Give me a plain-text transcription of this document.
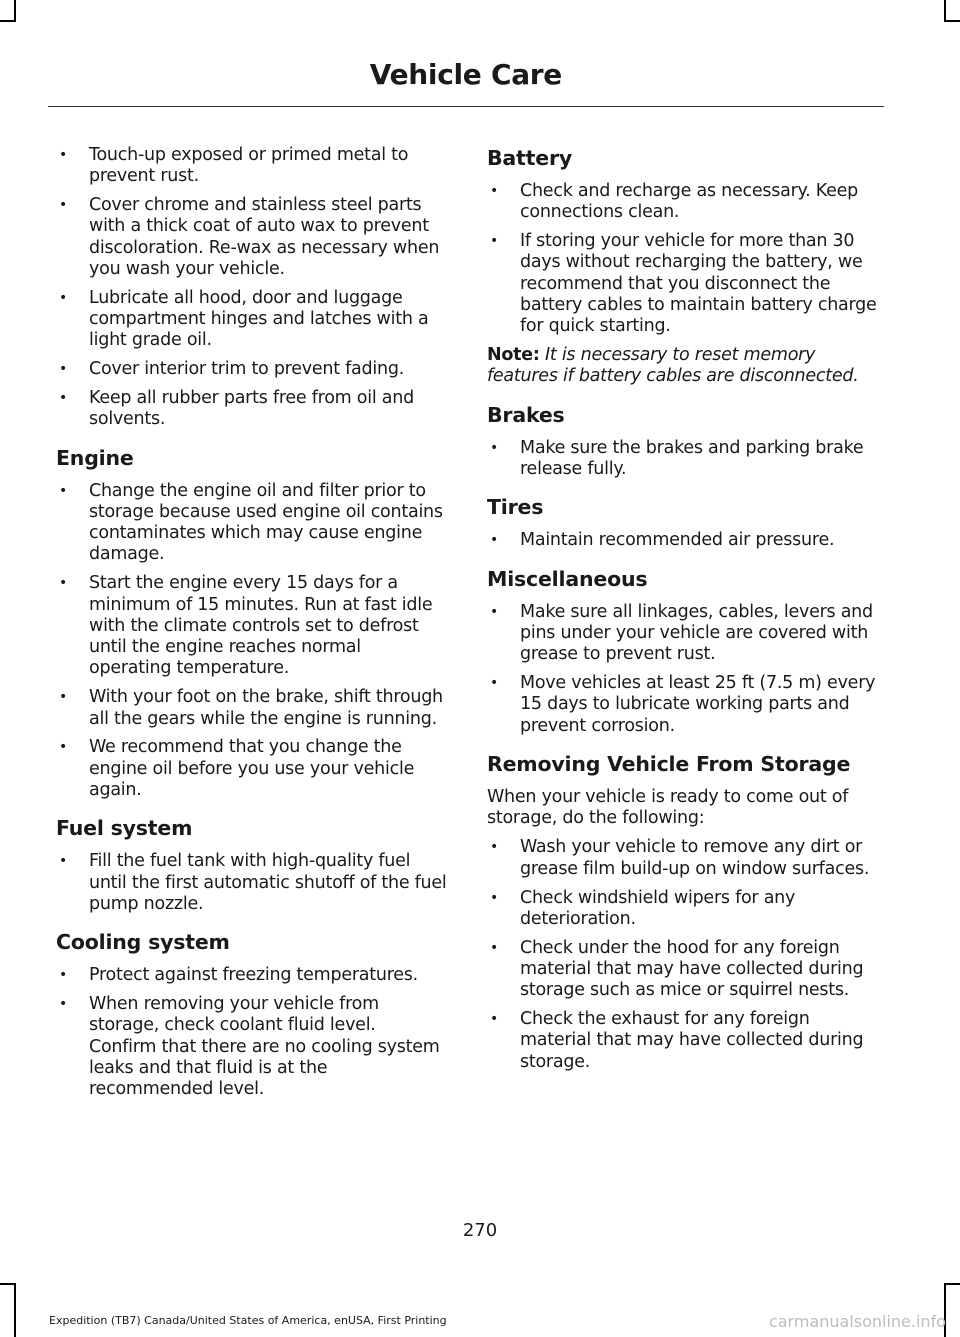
Vehicle Care
• Touch-up exposed or primed metal to prevent rust.
• Cover chrome and stainless steel parts with a thick coat of auto wax to prevent discoloration. Re-wax as necessary when you wash your vehicle.
• Lubricate all hood, door and luggage compartment hinges and latches with a light grade oil.
• Cover interior trim to prevent fading.
• Keep all rubber parts free from oil and solvents.
Engine
• Change the engine oil and filter prior to storage because used engine oil contains contaminates which may cause engine damage.
• Start the engine every 15 days for a minimum of 15 minutes. Run at fast idle with the climate controls set to defrost until the engine reaches normal operating temperature.
• With your foot on the brake, shift through all the gears while the engine is running.
• We recommend that you change the engine oil before you use your vehicle again.
Fuel system
• Fill the fuel tank with high-quality fuel until the first automatic shutoff of the fuel pump nozzle.
Cooling system
• Protect against freezing temperatures.
• When removing your vehicle from storage, check coolant fluid level. Confirm that there are no cooling system leaks and that fluid is at the recommended level.
Battery
• Check and recharge as necessary. Keep connections clean.
• If storing your vehicle for more than 30 days without recharging the battery, we recommend that you disconnect the battery cables to maintain battery charge for quick starting.

Note: It is necessary to reset memory features if battery cables are disconnected.

Brakes
• Make sure the brakes and parking brake release fully.
Tires
• Maintain recommended air pressure.
Miscellaneous
• Make sure all linkages, cables, levers and pins under your vehicle are covered with grease to prevent rust.
• Move vehicles at least 25 ft (7.5 m) every 15 days to lubricate working parts and prevent corrosion.
Removing Vehicle From Storage

When your vehicle is ready to come out of storage, do the following:

• Wash your vehicle to remove any dirt or grease film build-up on window surfaces.
• Check windshield wipers for any deterioration.
• Check under the hood for any foreign material that may have collected during storage such as mice or squirrel nests.
• Check the exhaust for any foreign material that may have collected during storage.
270
Expedition (TB7) Canada/United States of America, enUSA, First Printing	carmanualsonline.info
